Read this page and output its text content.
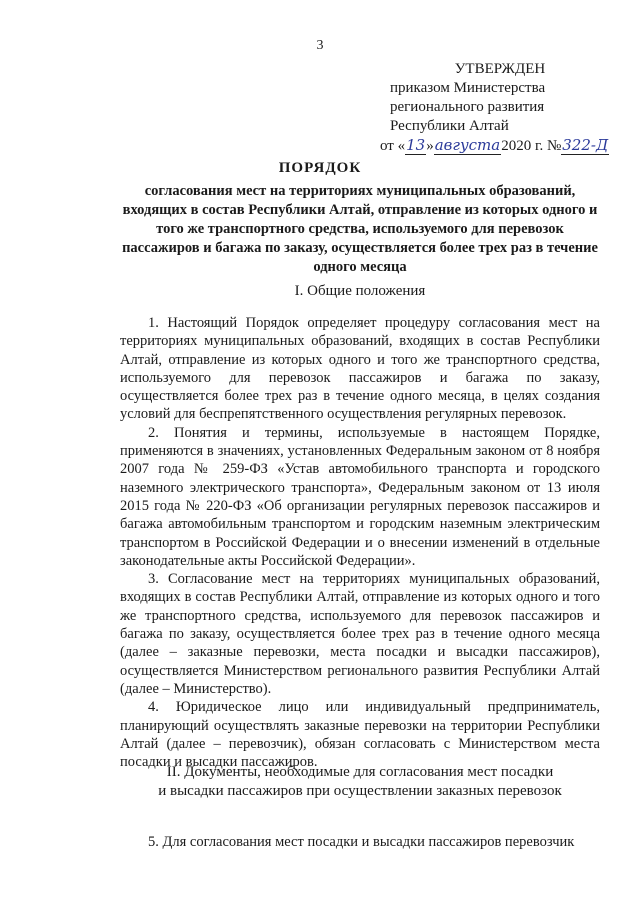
3
УТВЕРЖДЕН
приказом Министерства
регионального развития
Республики Алтай
от «13»августа2020 г. №322-Д
ПОРЯДОК
согласования мест на территориях муниципальных образований, входящих в состав Республики Алтай, отправление из которых одного и того же транспортного средства, используемого для перевозок пассажиров и багажа по заказу, осуществляется более трех раз в течение одного месяца
I. Общие положения

1. Настоящий Порядок определяет процедуру согласования мест на территориях муниципальных образований, входящих в состав Республики Алтай, отправление из которых одного и того же транспортного средства, используемого для перевозок пассажиров и багажа по заказу, осуществляется более трех раз в течение одного месяца, в целях создания условий для беспрепятственного осуществления регулярных перевозок.

2. Понятия и термины, используемые в настоящем Порядке, применяются в значениях, установленных Федеральным законом от 8 ноября 2007 года № 259-ФЗ «Устав автомобильного транспорта и городского наземного электрического транспорта», Федеральным законом от 13 июля 2015 года № 220-ФЗ «Об организации регулярных перевозок пассажиров и багажа автомобильным транспортом и городским наземным электрическим транспортом в Российской Федерации и о внесении изменений в отдельные законодательные акты Российской Федерации».

3. Согласование мест на территориях муниципальных образований, входящих в состав Республики Алтай, отправление из которых одного и того же транспортного средства, используемого для перевозок пассажиров и багажа по заказу, осуществляется более трех раз в течение одного месяца (далее – заказные перевозки, места посадки и высадки пассажиров), осуществляется Министерством регионального развития Республики Алтай (далее – Министерство).

4. Юридическое лицо или индивидуальный предприниматель, планирующий осуществлять заказные перевозки на территории Республики Алтай (далее – перевозчик), обязан согласовать с Министерством места посадки и высадки пассажиров.

II. Документы, необходимые для согласования мест посадки
и высадки пассажиров при осуществлении заказных перевозок
5. Для согласования мест посадки и высадки пассажиров перевозчик
